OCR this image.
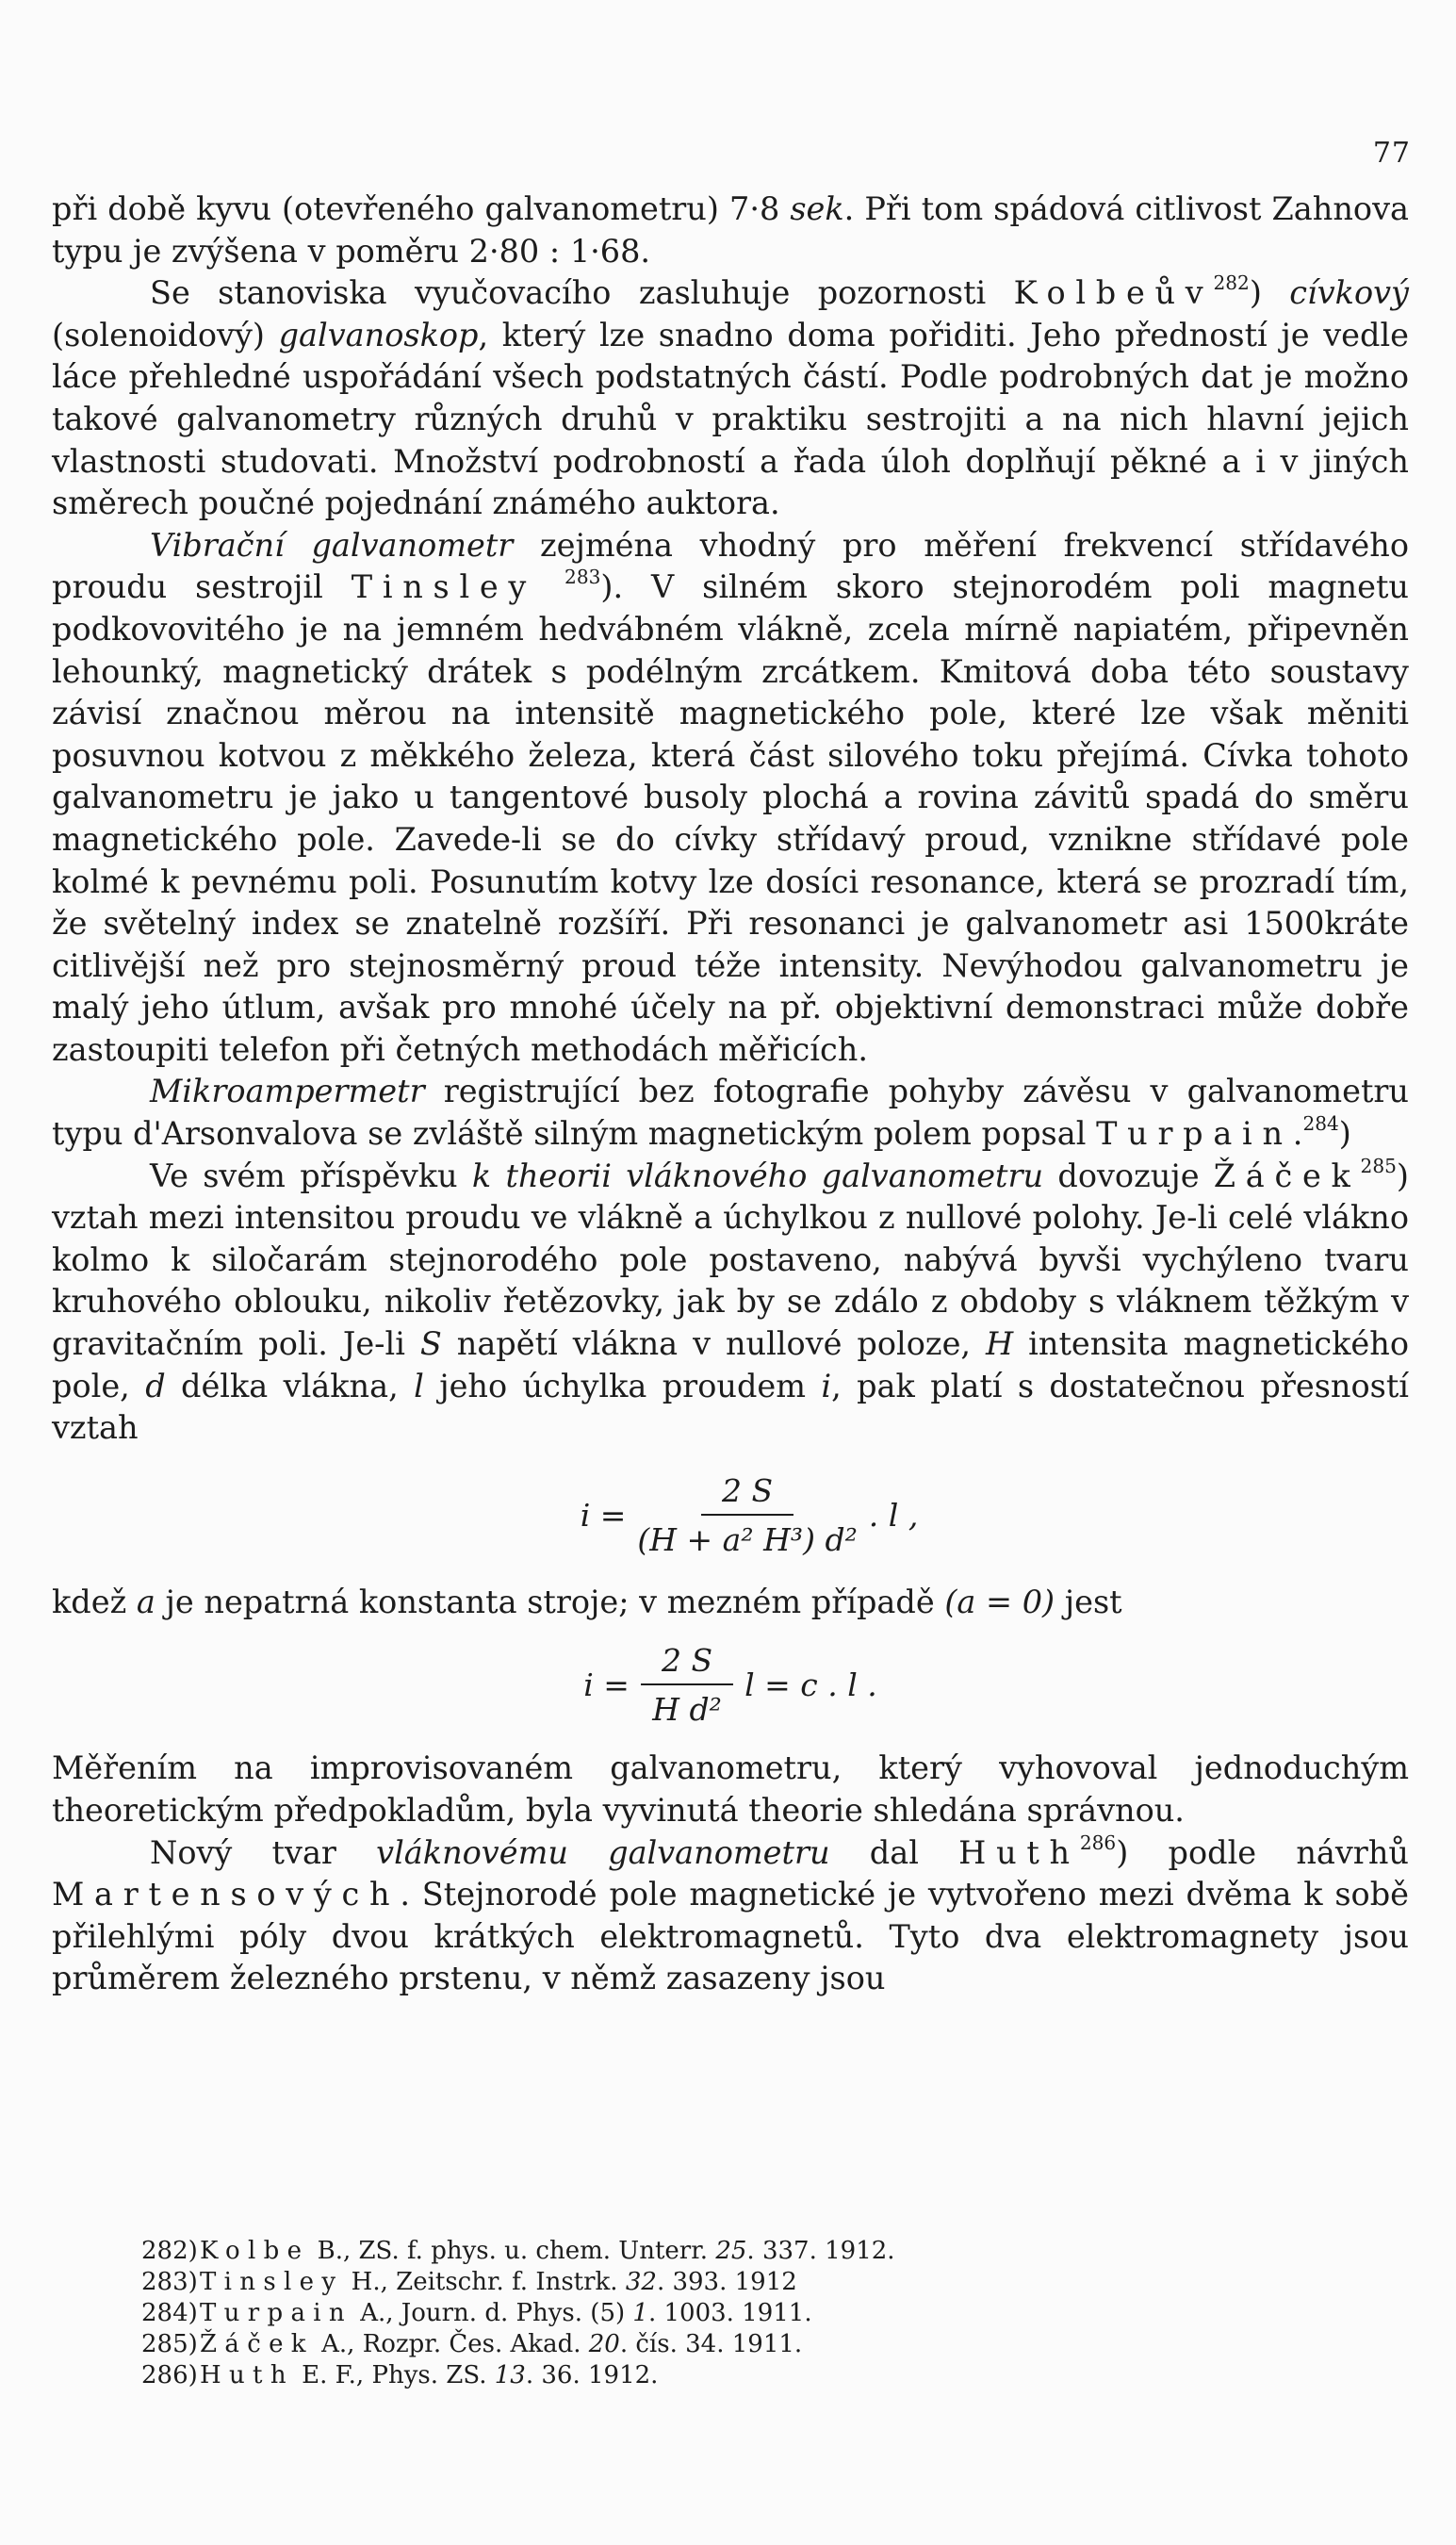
77

při době kyvu (otevřeného galvanometru) 7·8 sek. Při tom spádová citlivost Zahnova typu je zvýšena v poměru 2·80 : 1·68.

Se stanoviska vyučovacího zasluhuje pozornosti Kolbeův$^{282}$) cívkový (solenoidový) galvanoskop, který lze snadno doma pořiditi. Jeho předností je vedle láce přehledné uspořádání všech podstatných částí. Podle podrobných dat je možno takové galvanometry různých druhů v praktiku sestrojiti a na nich hlavní jejich vlastnosti studovati. Množství podrobností a řada úloh doplňují pěkné a i v jiných směrech poučné pojednání známého auktora.

Vibrační galvanometr zejména vhodný pro měření frekvencí střídavého proudu sestrojil Tinsley $^{283}$). V silném skoro stejnorodém poli magnetu podkovovitého je na jemném hedvábném vlákně, zcela mírně napiatém, připevněn lehounký, magnetický drátek s podélným zrcátkem. Kmitová doba této soustavy závisí značnou měrou na intensitě magnetického pole, které lze však měniti posuvnou kotvou z měkkého železa, která část silového toku přejímá. Cívka tohoto galvanometru je jako u tangentové busoly plochá a rovina závitů spadá do směru magnetického pole. Zavede-li se do cívky střídavý proud, vznikne střídavé pole kolmé k pevnému poli. Posunutím kotvy lze dosíci resonance, která se prozradí tím, že světelný index se znatelně rozšíří. Při resonanci je galvanometr asi 1500kráte citlivější než pro stejnosměrný proud téže intensity. Nevýhodou galvanometru je malý jeho útlum, avšak pro mnohé účely na př. objektivní demonstraci může dobře zastoupiti telefon při četných methodách měřicích.

Mikroampermetr registrující bez fotografie pohyby závěsu v galvanometru typu d'Arsonvalova se zvláště silným magnetickým polem popsal Turpain.$^{284}$)

Ve svém příspěvku k theorii vláknového galvanometru dovozuje Žáček$^{285}$) vztah mezi intensitou proudu ve vlákně a úchylkou z nullové polohy. Je-li celé vlákno kolmo k siločarám stejnorodého pole postaveno, nabývá byvši vychýleno tvaru kruhového oblouku, nikoliv řetězovky, jak by se zdálo z obdoby s vláknem těžkým v gravitačním poli. Je-li S napětí vlákna v nullové poloze, H intensita magnetického pole, d délka vlákna, l jeho úchylka proudem i, pak platí s dostatečnou přesností vztah

$i = \frac{2 S}{\text{(H + a² H³) d²}}$ . l ,

kdež a je nepatrná konstanta stroje; v mezném případě (a = 0) jest

$i = \frac{2 S}{\text{H d²}}$ l = c . l .

Měřením na improvisovaném galvanometru, který vyhovoval jednoduchým theoretickým předpokladům, byla vyvinutá theorie shledána správnou.

Nový tvar vláknovému galvanometru dal Huth$^{286}$) podle návrhů Martensových. Stejnorodé pole magnetické je vytvořeno mezi dvěma k sobě přilehlými póly dvou krátkých elektromagnetů. Tyto dva elektromagnety jsou průměrem železného prstenu, v němž zasazeny jsou

282) Kolbe B., ZS. f. phys. u. chem. Unterr. 25. 337. 1912.
283) Tinsley H., Zeitschr. f. Instrk. 32. 393. 1912
284) Turpain A., Journ. d. Phys. (5) 1. 1003. 1911.
285) Žáček A., Rozpr. Čes. Akad. 20. čís. 34. 1911.
286) Huth E. F., Phys. ZS. 13. 36. 1912.
